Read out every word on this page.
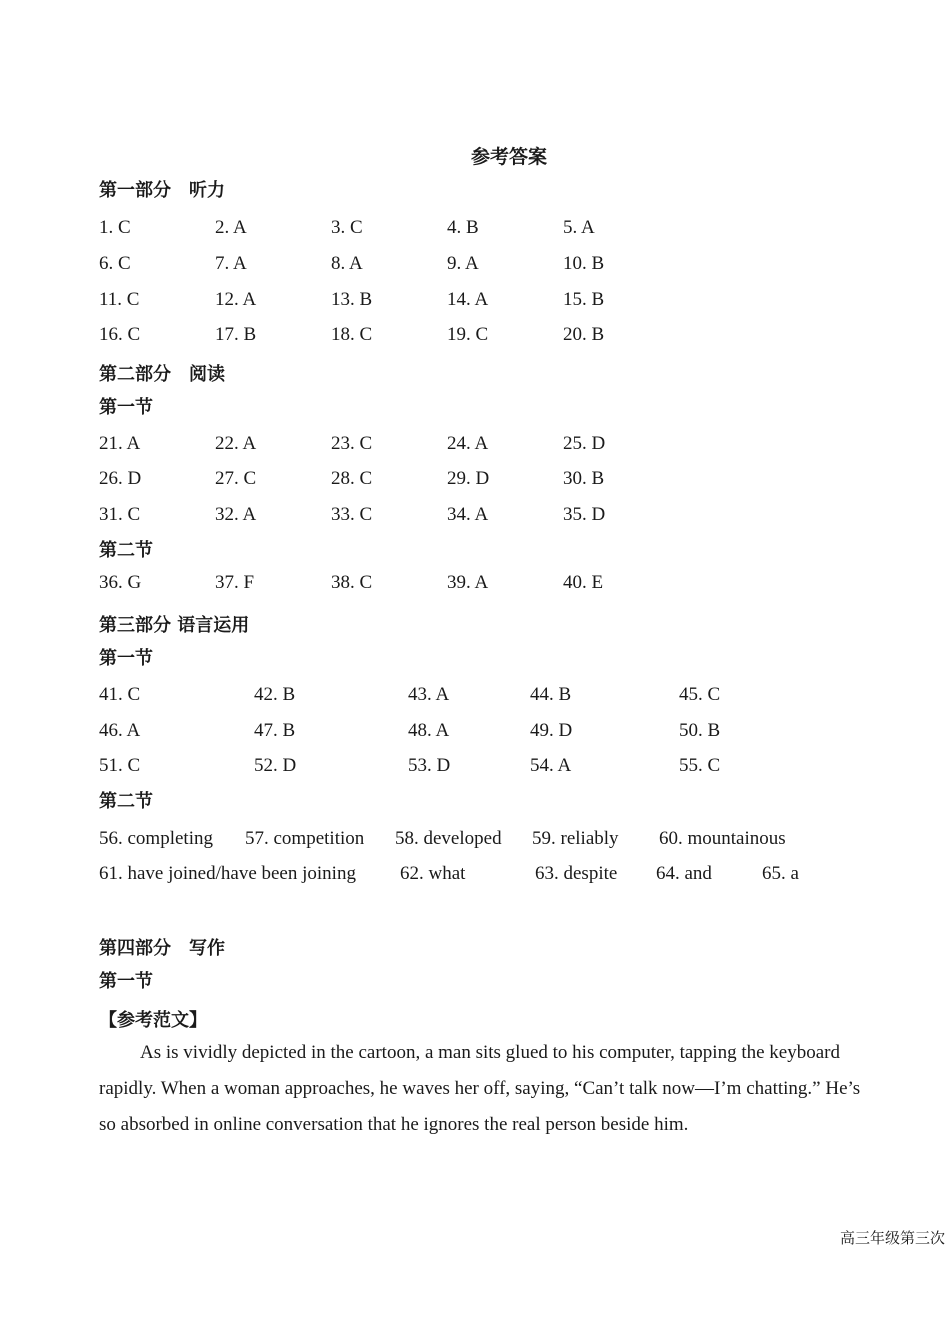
参考答案
第一部分　听力
1. C	2. A	3. C	4. B	5. A
6. C	7. A	8. A	9. A	10. B
11. C	12. A	13. B	14. A	15. B
16. C	17. B	18. C	19. C	20. B
第二部分　阅读
第一节
21. A	22. A	23. C	24. A	25. D
26. D	27. C	28. C	29. D	30. B
31. C	32. A	33. C	34. A	35. D
第二节
36. G	37. F	38. C	39. A	40. E
第三部分 语言运用
第一节
41. C	42. B	43. A	44. B	45. C
46. A	47. B	48. A	49. D	50. B
51. C	52. D	53. D	54. A	55. C
第二节
56. completing 57. competition 58. developed 59. reliably 60. mountainous
61. have joined/have been joining 62. what	63. despite 64. and	65. a
第四部分　写作
第一节
【参考范文】
As is vividly depicted in the cartoon, a man sits glued to his computer, tapping the keyboard
rapidly. When a woman approaches, he waves her off, saying, “Can’t talk now—I’m chatting.” He’s
so absorbed in online conversation that he ignores the real person beside him.
高三年级第三次
